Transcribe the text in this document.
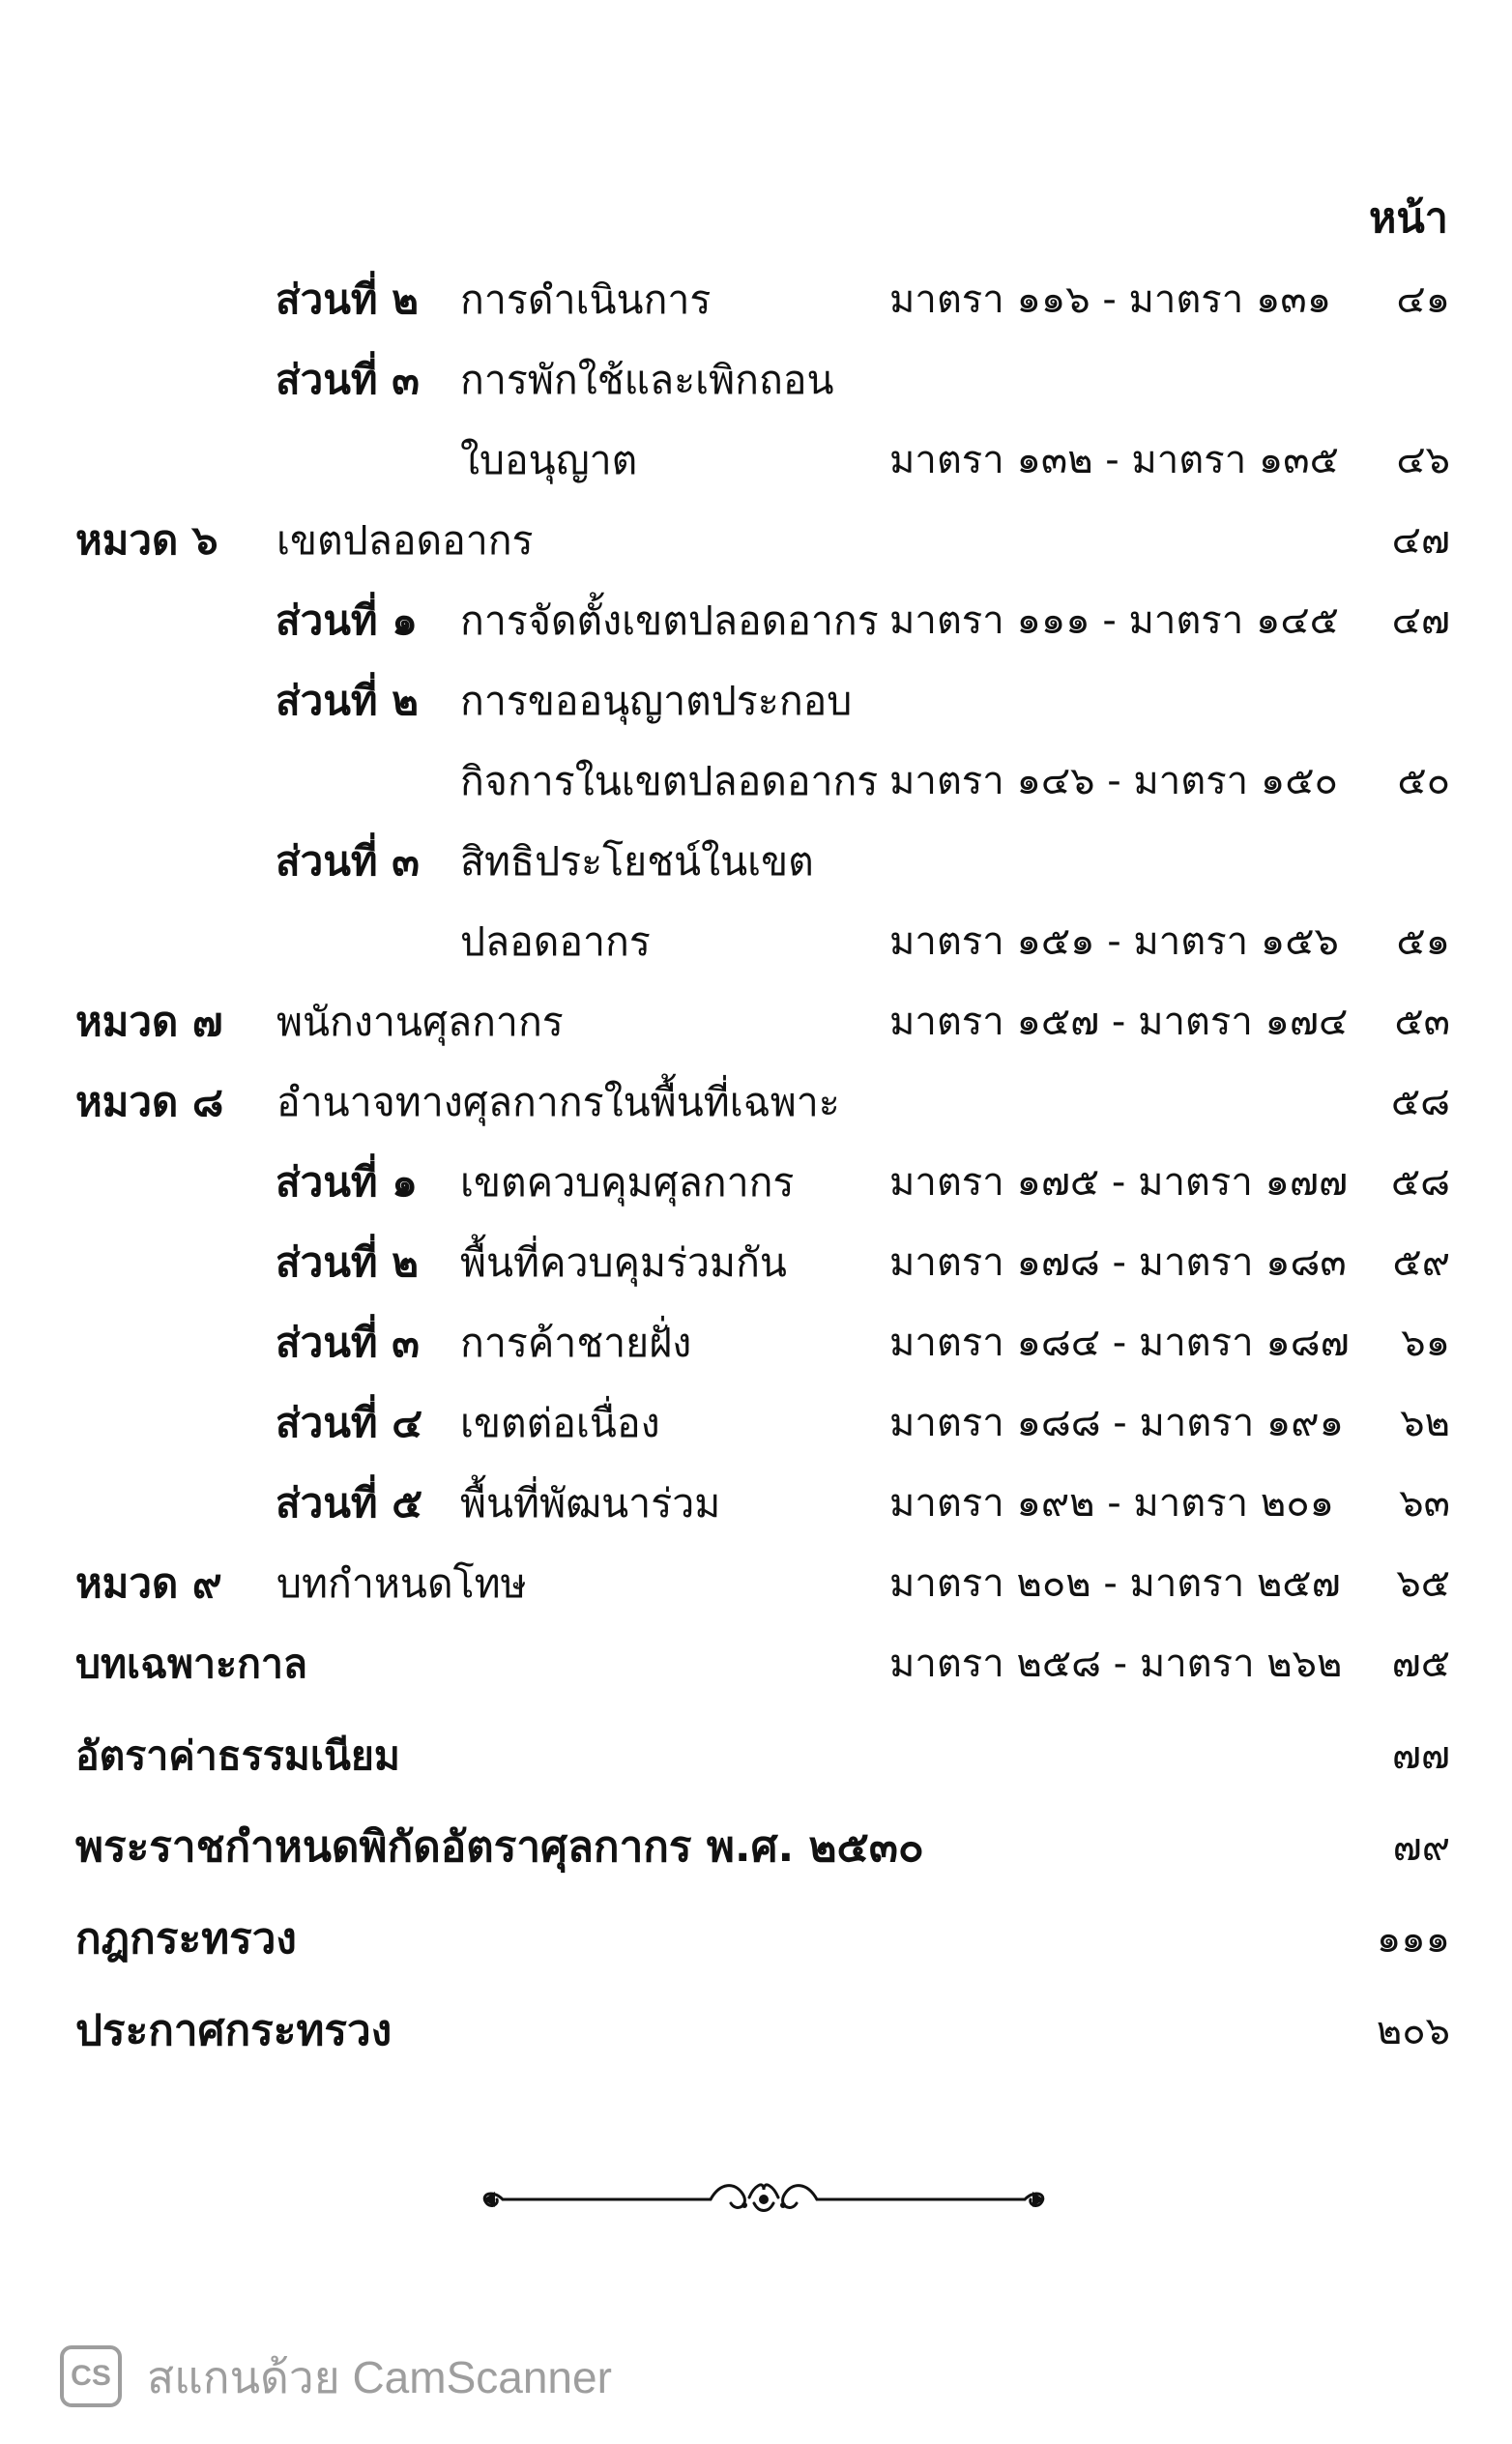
หน้า
ส่วนที่ ๒ การดำเนินการ	มาตรา ๑๑๖ - มาตรา ๑๓๑ ๔๑
ส่วนที่ ๓ การพักใช้และเพิกถอน
ใบอนุญาต	มาตรา ๑๓๒ - มาตรา ๑๓๕ ๔๖
หมวด ๖ เขตปลอดอากร	๔๗
ส่วนที่ ๑ การจัดตั้งเขตปลอดอากร มาตรา ๑๑๑ - มาตรา ๑๔๕ ๔๗
ส่วนที่ ๒ การขออนุญาตประกอบ
กิจการในเขตปลอดอากร มาตรา ๑๔๖ - มาตรา ๑๕๐ ๕๐
ส่วนที่ ๓ สิทธิประโยชน์ในเขต
ปลอดอากร	มาตรา ๑๕๑ - มาตรา ๑๕๖ ๕๑
หมวด ๗ พนักงานศุลกากร	มาตรา ๑๕๗ - มาตรา ๑๗๔ ๕๓
หมวด ๘ อำนาจทางศุลกากรในพื้นที่เฉพาะ	๕๘
ส่วนที่ ๑ เขตควบคุมศุลกากร มาตรา ๑๗๕ - มาตรา ๑๗๗ ๕๘
ส่วนที่ ๒ พื้นที่ควบคุมร่วมกัน	มาตรา ๑๗๘ - มาตรา ๑๘๓ ๕๙
ส่วนที่ ๓ การค้าชายฝั่ง	มาตรา ๑๘๔ - มาตรา ๑๘๗ ๖๑
ส่วนที่ ๔ เขตต่อเนื่อง	มาตรา ๑๘๘ - มาตรา ๑๙๑ ๖๒
ส่วนที่ ๕ พื้นที่พัฒนาร่วม	มาตรา ๑๙๒ - มาตรา ๒๐๑ ๖๓
หมวด ๙ บทกำหนดโทษ	มาตรา ๒๐๒ - มาตรา ๒๕๗ ๖๕
บทเฉพาะกาล	มาตรา ๒๕๘ - มาตรา ๒๖๒ ๗๕
อัตราค่าธรรมเนียม	๗๗
พระราชกำหนดพิกัดอัตราศุลกากร พ.ศ. ๒๕๓๐	๗๙
กฎกระทรวง	๑๑๑
ประกาศกระทรวง	๒๐๖
CS สแกนด้วย CamScanner
